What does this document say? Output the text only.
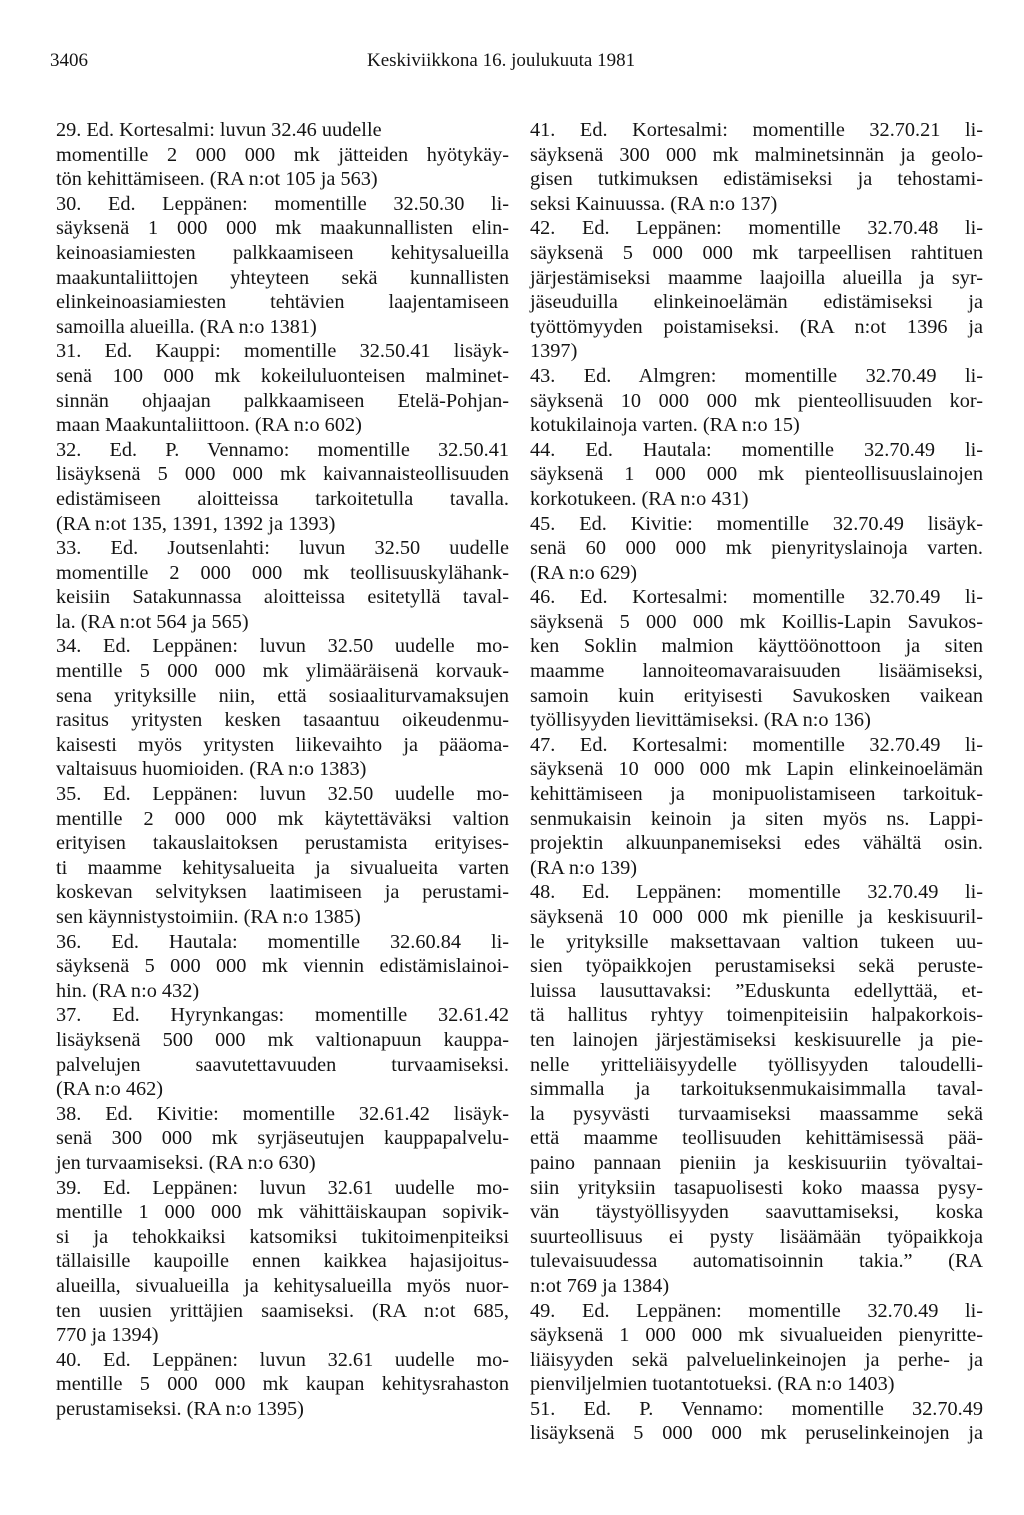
3406	Keskiviikkona 16. joulukuuta 1981
29. Ed. Kortesalmi: luvun 32.46 uudelle
momentille 2 000 000 mk jätteiden hyötykäy-
tön kehittämiseen. (RA n:ot 105 ja 563)
30. Ed. Leppänen: momentille 32.50.30 li-
säyksenä 1 000 000 mk maakunnallisten elin-
keinoasiamiesten palkkaamiseen kehitysalueilla
maakuntaliittojen yhteyteen sekä kunnallisten
elinkeinoasiamiesten tehtävien laajentamiseen
samoilla alueilla. (RA n:o 1381)
31. Ed. Kauppi: momentille 32.50.41 lisäyk-
senä 100 000 mk kokeiluluonteisen malminet-
sinnän ohjaajan palkkaamiseen Etelä-Pohjan-
maan Maakuntaliittoon. (RA n:o 602)
32. Ed. P. Vennamo: momentille 32.50.41
lisäyksenä 5 000 000 mk kaivannaisteollisuuden
edistämiseen aloitteissa tarkoitetulla tavalla.
(RA n:ot 135, 1391, 1392 ja 1393)
33. Ed. Joutsenlahti: luvun 32.50 uudelle
momentille 2 000 000 mk teollisuuskylähank-
keisiin Satakunnassa aloitteissa esitetyllä taval-
la. (RA n:ot 564 ja 565)
34. Ed. Leppänen: luvun 32.50 uudelle mo-
mentille 5 000 000 mk ylimääräisenä korvauk-
sena yrityksille niin, että sosiaaliturvamaksujen
rasitus yritysten kesken tasaantuu oikeudenmu-
kaisesti myös yritysten liikevaihto ja pääoma-
valtaisuus huomioiden. (RA n:o 1383)
35. Ed. Leppänen: luvun 32.50 uudelle mo-
mentille 2 000 000 mk käytettäväksi valtion
erityisen takauslaitoksen perustamista erityises-
ti maamme kehitysalueita ja sivualueita varten
koskevan selvityksen laatimiseen ja perustami-
sen käynnistystoimiin. (RA n:o 1385)
36. Ed. Hautala: momentille 32.60.84 li-
säyksenä 5 000 000 mk viennin edistämislainoi-
hin. (RA n:o 432)
37. Ed. Hyrynkangas: momentille 32.61.42
lisäyksenä 500 000 mk valtionapuun kauppa-
palvelujen saavutettavuuden turvaamiseksi.
(RA n:o 462)
38. Ed. Kivitie: momentille 32.61.42 lisäyk-
senä 300 000 mk syrjäseutujen kauppapalvelu-
jen turvaamiseksi. (RA n:o 630)
39. Ed. Leppänen: luvun 32.61 uudelle mo-
mentille 1 000 000 mk vähittäiskaupan sopivik-
si ja tehokkaiksi katsomiksi tukitoimenpiteiksi
tällaisille kaupoille ennen kaikkea hajasijoitus-
alueilla, sivualueilla ja kehitysalueilla myös nuor-
ten uusien yrittäjien saamiseksi. (RA n:ot 685,
770 ja 1394)
40. Ed. Leppänen: luvun 32.61 uudelle mo-
mentille 5 000 000 mk kaupan kehitysrahaston
perustamiseksi. (RA n:o 1395)
41. Ed. Kortesalmi: momentille 32.70.21 li-
säyksenä 300 000 mk malminetsinnän ja geolo-
gisen tutkimuksen edistämiseksi ja tehostami-
seksi Kainuussa. (RA n:o 137)
42. Ed. Leppänen: momentille 32.70.48 li-
säyksenä 5 000 000 mk tarpeellisen rahtituen
järjestämiseksi maamme laajoilla alueilla ja syr-
jäseuduilla elinkeinoelämän edistämiseksi ja
työttömyyden poistamiseksi. (RA n:ot 1396 ja
1397)
43. Ed. Almgren: momentille 32.70.49 li-
säyksenä 10 000 000 mk pienteollisuuden kor-
kotukilainoja varten. (RA n:o 15)
44. Ed. Hautala: momentille 32.70.49 li-
säyksenä 1 000 000 mk pienteollisuuslainojen
korkotukeen. (RA n:o 431)
45. Ed. Kivitie: momentille 32.70.49 lisäyk-
senä 60 000 000 mk pienyrityslainoja varten.
(RA n:o 629)
46. Ed. Kortesalmi: momentille 32.70.49 li-
säyksenä 5 000 000 mk Koillis-Lapin Savukos-
ken Soklin malmion käyttöönottoon ja siten
maamme lannoiteomavaraisuuden lisäämiseksi,
samoin kuin erityisesti Savukosken vaikean
työllisyyden lievittämiseksi. (RA n:o 136)
47. Ed. Kortesalmi: momentille 32.70.49 li-
säyksenä 10 000 000 mk Lapin elinkeinoelämän
kehittämiseen ja monipuolistamiseen tarkoituk-
senmukaisin keinoin ja siten myös ns. Lappi-
projektin alkuunpanemiseksi edes vähältä osin.
(RA n:o 139)
48. Ed. Leppänen: momentille 32.70.49 li-
säyksenä 10 000 000 mk pienille ja keskisuuril-
le yrityksille maksettavaan valtion tukeen uu-
sien työpaikkojen perustamiseksi sekä peruste-
luissa lausuttavaksi: ”Eduskunta edellyttää, et-
tä hallitus ryhtyy toimenpiteisiin halpakorkois-
ten lainojen järjestämiseksi keskisuurelle ja pie-
nelle yritteliäisyydelle työllisyyden taloudelli-
simmalla ja tarkoituksenmukaisimmalla taval-
la pysyvästi turvaamiseksi maassamme sekä
että maamme teollisuuden kehittämisessä pää-
paino pannaan pieniin ja keskisuuriin työvaltai-
siin yrityksiin tasapuolisesti koko maassa pysy-
vän täystyöllisyyden saavuttamiseksi, koska
suurteollisuus ei pysty lisäämään työpaikkoja
tulevaisuudessa automatisoinnin takia.” (RA
n:ot 769 ja 1384)
49. Ed. Leppänen: momentille 32.70.49 li-
säyksenä 1 000 000 mk sivualueiden pienyritte-
liäisyyden sekä palveluelinkeinojen ja perhe- ja
pienviljelmien tuotantotueksi. (RA n:o 1403)
51. Ed. P. Vennamo: momentille 32.70.49
lisäyksenä 5 000 000 mk peruselinkeinojen ja
